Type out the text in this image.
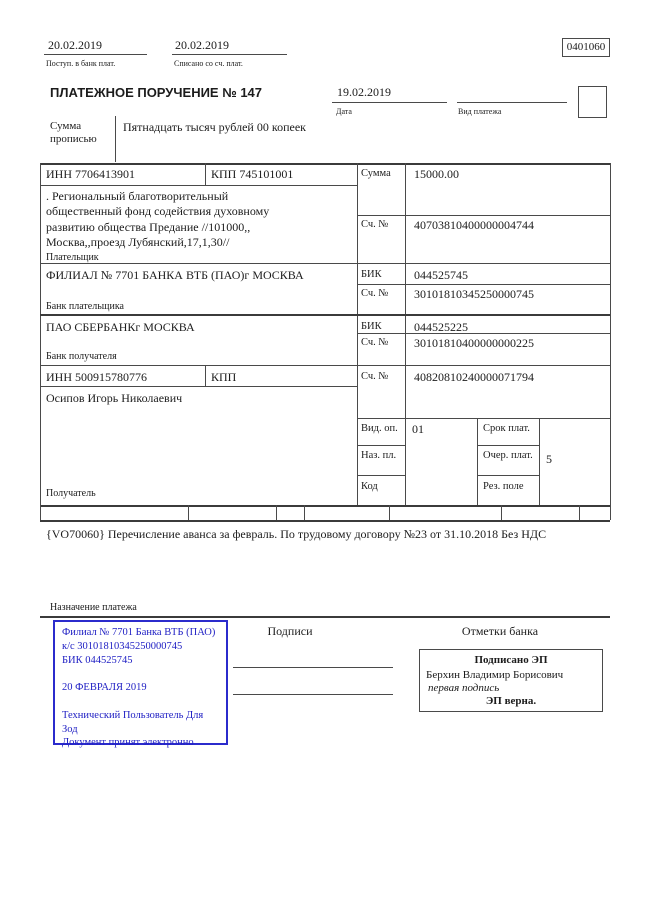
20.02.2019
Поступ. в банк плат.
20.02.2019
Списано со сч. плат.
0401060
ПЛАТЕЖНОЕ ПОРУЧЕНИЕ № 147	19.02.2019
Дата	Вид платежа
Сумма прописью
Пятнадцать тысяч рублей 00 копеек
ИНН 7706413901	КПП 745101001	Сумма 15000.00
. Региональный благотворительный
общественный фонд содействия духовному
развитию общества Предание //101000,,
Москва,,проезд Лубянский,17,1,30//
Сч. № 40703810400000004744
Плательщик
ФИЛИАЛ № 7701 БАНКА ВТБ (ПАО)г МОСКВА	БИК	044525745
Сч. № 30101810345250000745
Банк плательщика
ПАО СБЕРБАНКг МОСКВА	БИК	044525225
Сч. № 30101810400000000225
Банк получателя
ИНН 500915780776	КПП
Осипов Игорь Николаевич
Сч. № 40820810240000071794
Вид. оп. 01	Срок плат.
Наз. пл.	Очер. плат. 5
Код	Рез. поле
Получатель
{VO70060} Перечисление аванса за февраль. По трудовому договору №23 от 31.10.2018 Без НДС
Назначение платежа
Филиал № 7701 Банка ВТБ (ПАО)
к/с 30101810345250000745
БИК 044525745
20 ФЕВРАЛЯ 2019
Технический Пользователь Для
Зод
Документ принят электронно
Подписи	Отметки банка
Подписано ЭП
Берхин Владимир Борисович
первая подпись
ЭП верна.
